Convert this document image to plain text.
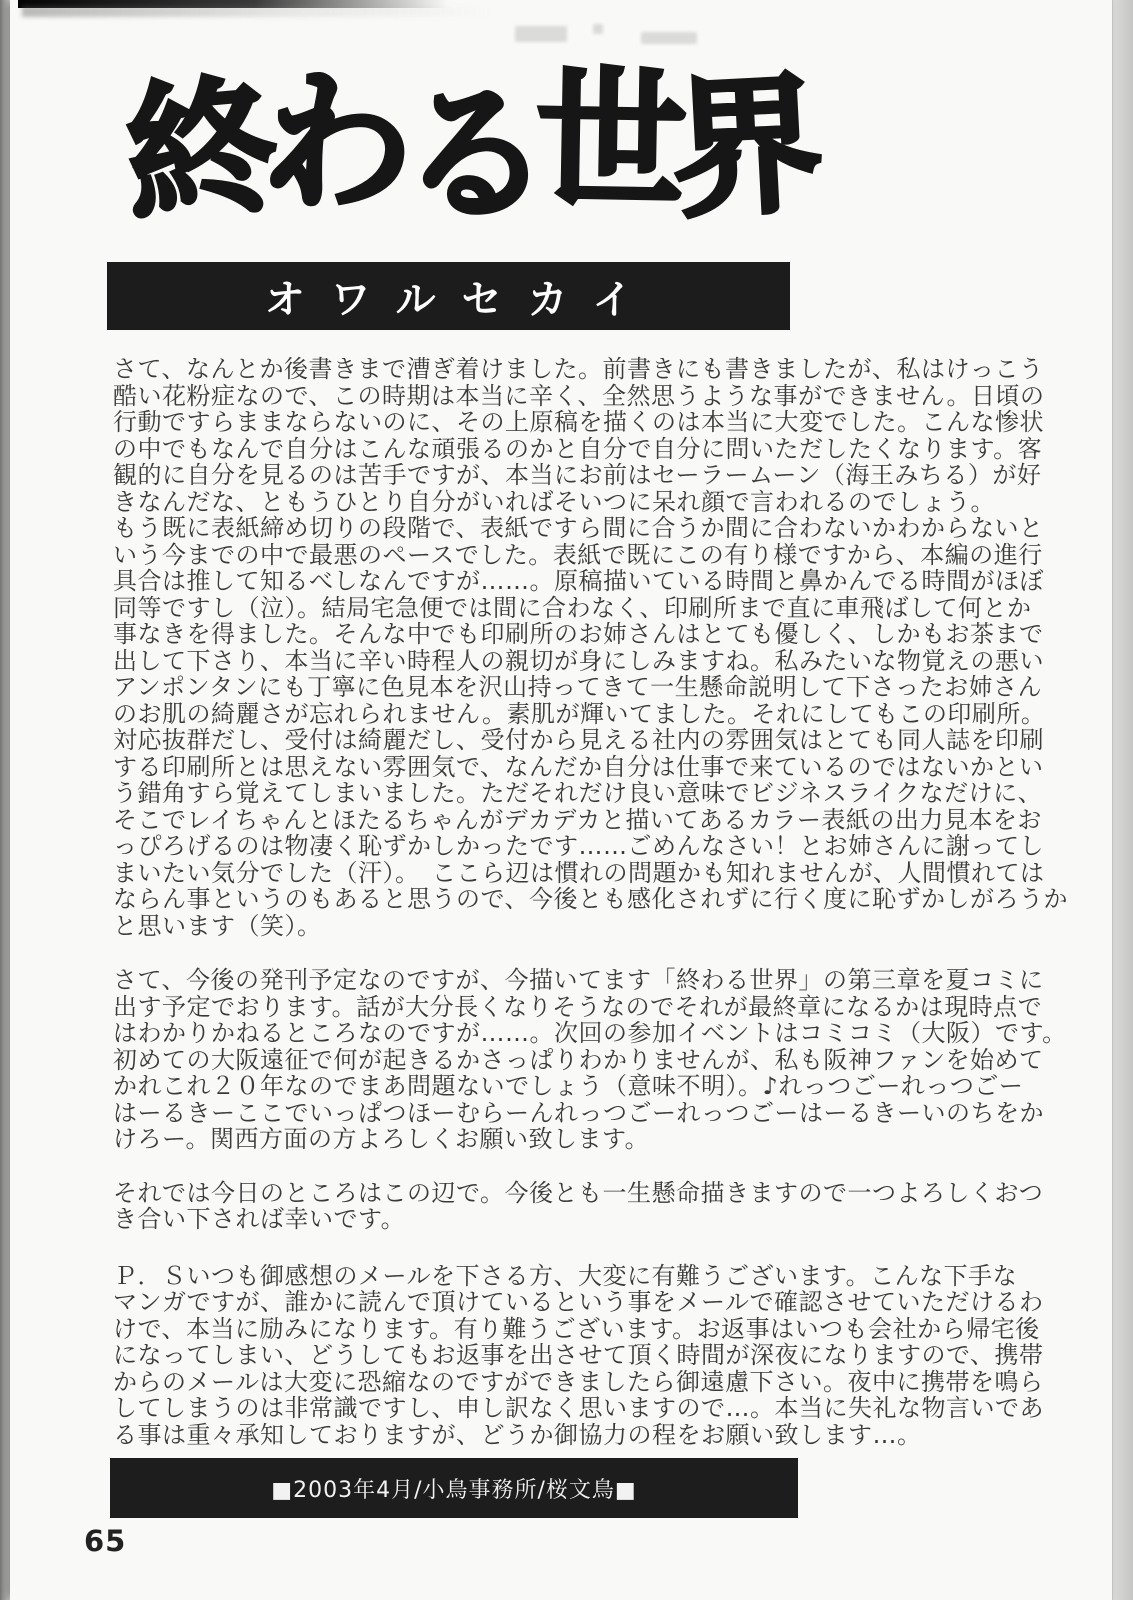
終わる世界
オワルセカイ
さて、なんとか後書きまで漕ぎ着けました。前書きにも書きましたが、私はけっこう
酷い花粉症なので、この時期は本当に辛く、全然思うような事ができません。日頃の
行動ですらままならないのに、その上原稿を描くのは本当に大変でした。こんな惨状
の中でもなんで自分はこんな頑張るのかと自分で自分に問いただしたくなります。客
観的に自分を見るのは苦手ですが、本当にお前はセーラームーン（海王みちる）が好
きなんだな、ともうひとり自分がいればそいつに呆れ顔で言われるのでしょう。
もう既に表紙締め切りの段階で、表紙ですら間に合うか間に合わないかわからないと
いう今までの中で最悪のペースでした。表紙で既にこの有り様ですから、本編の進行
具合は推して知るべしなんですが……。原稿描いている時間と鼻かんでる時間がほぼ
同等ですし（泣）。結局宅急便では間に合わなく、印刷所まで直に車飛ばして何とか
事なきを得ました。そんな中でも印刷所のお姉さんはとても優しく、しかもお茶まで
出して下さり、本当に辛い時程人の親切が身にしみますね。私みたいな物覚えの悪い
アンポンタンにも丁寧に色見本を沢山持ってきて一生懸命説明して下さったお姉さん
のお肌の綺麗さが忘れられません。素肌が輝いてました。それにしてもこの印刷所。
対応抜群だし、受付は綺麗だし、受付から見える社内の雰囲気はとても同人誌を印刷
する印刷所とは思えない雰囲気で、なんだか自分は仕事で来ているのではないかとい
う錯角すら覚えてしまいました。ただそれだけ良い意味でビジネスライクなだけに、
そこでレイちゃんとほたるちゃんがデカデカと描いてあるカラー表紙の出力見本をお
っぴろげるのは物凄く恥ずかしかったです……ごめんなさい！とお姉さんに謝ってし
まいたい気分でした（汗）。　ここら辺は慣れの問題かも知れませんが、人間慣れては
ならん事というのもあると思うので、今後とも感化されずに行く度に恥ずかしがろうか
と思います（笑）。
さて、今後の発刊予定なのですが、今描いてます「終わる世界」の第三章を夏コミに
出す予定でおります。話が大分長くなりそうなのでそれが最終章になるかは現時点で
はわかりかねるところなのですが……。次回の参加イベントはコミコミ（大阪）です。
初めての大阪遠征で何が起きるかさっぱりわかりませんが、私も阪神ファンを始めて
かれこれ２０年なのでまあ問題ないでしょう（意味不明）。♪れっつごーれっつごー
はーるきーここでいっぱつほーむらーんれっつごーれっつごーはーるきーいのちをか
けろー。関西方面の方よろしくお願い致します。
それでは今日のところはこの辺で。今後とも一生懸命描きますので一つよろしくおつ
き合い下されば幸いです。
Ｐ．Ｓいつも御感想のメールを下さる方、大変に有難うございます。こんな下手な
マンガですが、誰かに読んで頂けているという事をメールで確認させていただけるわ
けで、本当に励みになります。有り難うございます。お返事はいつも会社から帰宅後
になってしまい、どうしてもお返事を出させて頂く時間が深夜になりますので、携帯
からのメールは大変に恐縮なのですができましたら御遠慮下さい。夜中に携帯を鳴ら
してしまうのは非常識ですし、申し訳なく思いますので…。本当に失礼な物言いであ
る事は重々承知しておりますが、どうか御協力の程をお願い致します…。
■2003年4月/小鳥事務所/桜文鳥■
65
